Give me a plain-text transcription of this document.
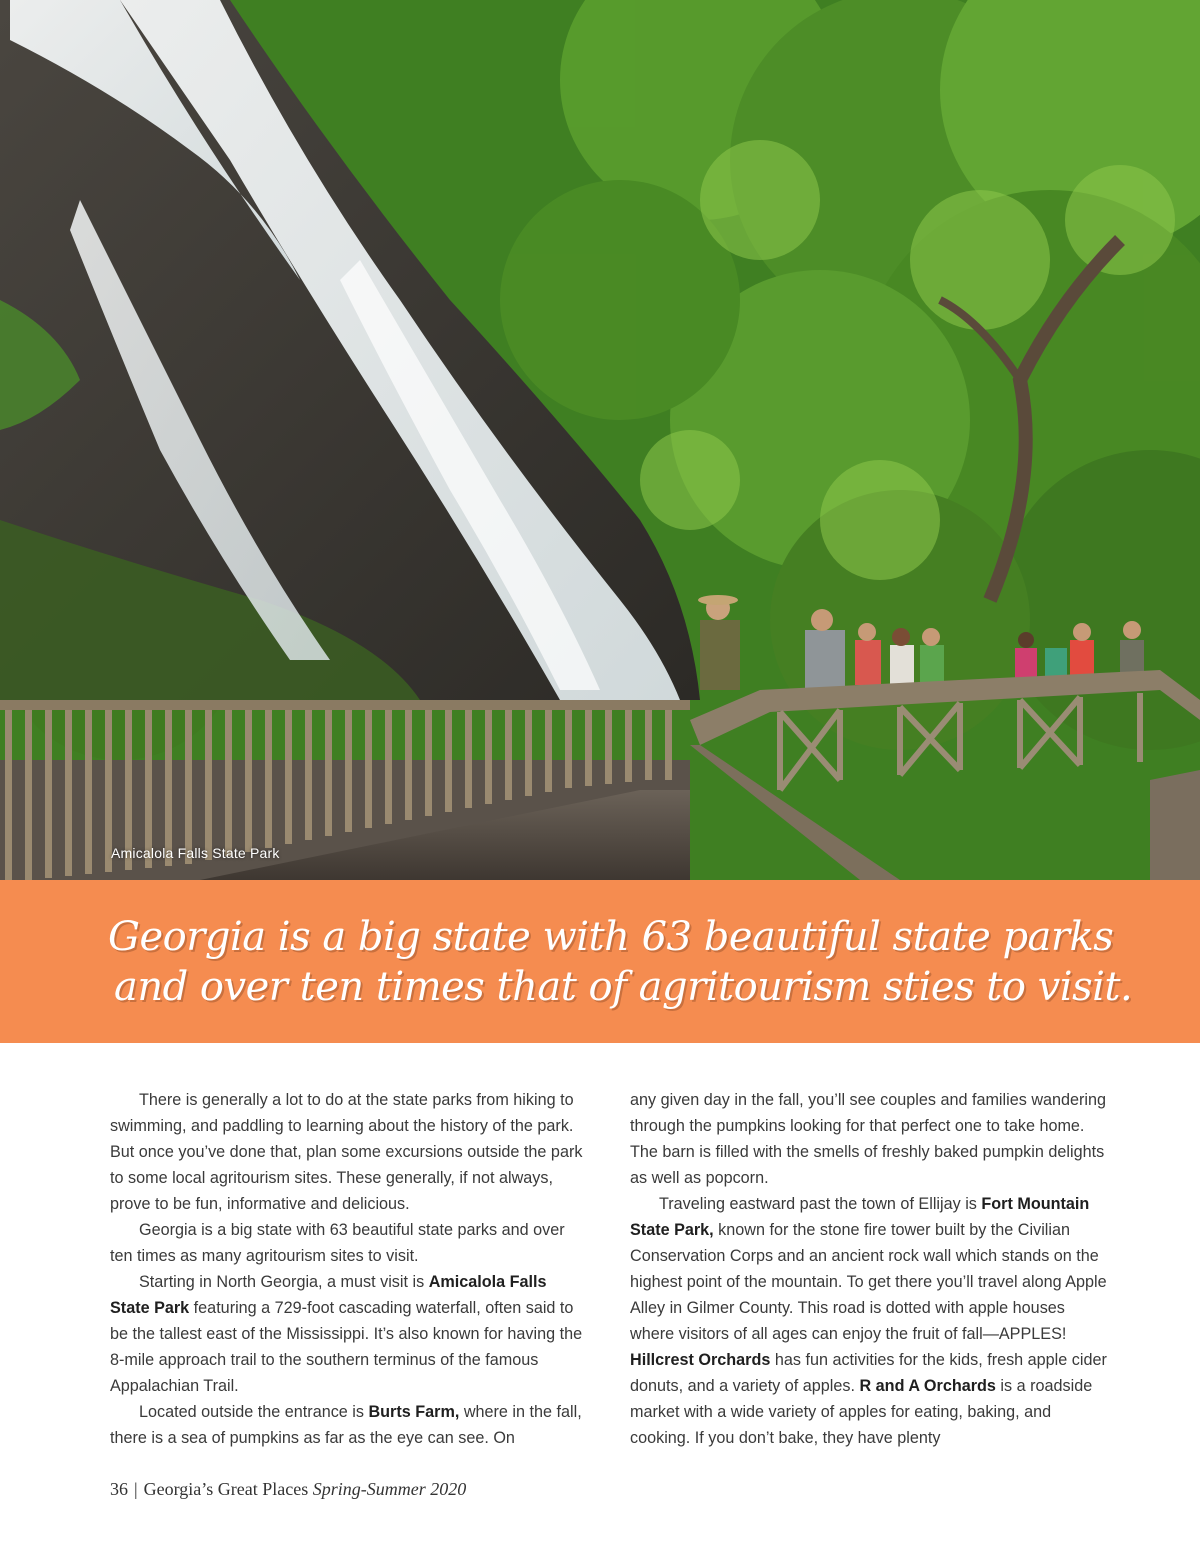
Amicalola Falls State Park
Georgia is a big state with 63 beautiful state parks
and over ten times that of agritourism sties to visit.

There is generally a lot to do at the state parks from hiking to swimming, and paddling to learning about the history of the park. But once you’ve done that, plan some excursions outside the park to some local agritourism sites. These generally, if not always, prove to be fun, informative and delicious.

Georgia is a big state with 63 beautiful state parks and over ten times as many agritourism sites to visit.

Starting in North Georgia, a must visit is Amicalola Falls State Park featuring a 729-foot cascading waterfall, often said to be the tallest east of the Mississippi. It’s also known for having the 8-mile approach trail to the southern terminus of the famous Appalachian Trail.

Located outside the entrance is Burts Farm, where in the fall, there is a sea of pumpkins as far as the eye can see. On

any given day in the fall, you’ll see couples and families wandering through the pumpkins looking for that perfect one to take home. The barn is filled with the smells of freshly baked pumpkin delights as well as popcorn.

Traveling eastward past the town of Ellijay is Fort Mountain State Park, known for the stone fire tower built by the Civilian Conservation Corps and an ancient rock wall which stands on the highest point of the mountain. To get there you’ll travel along Apple Alley in Gilmer County. This road is dotted with apple houses where visitors of all ages can enjoy the fruit of fall—APPLES! Hillcrest Orchards has fun activities for the kids, fresh apple cider donuts, and a variety of apples. R and A Orchards is a roadside market with a wide variety of apples for eating, baking, and cooking. If you don’t bake, they have plenty

36 | Georgia’s Great Places Spring-Summer 2020
